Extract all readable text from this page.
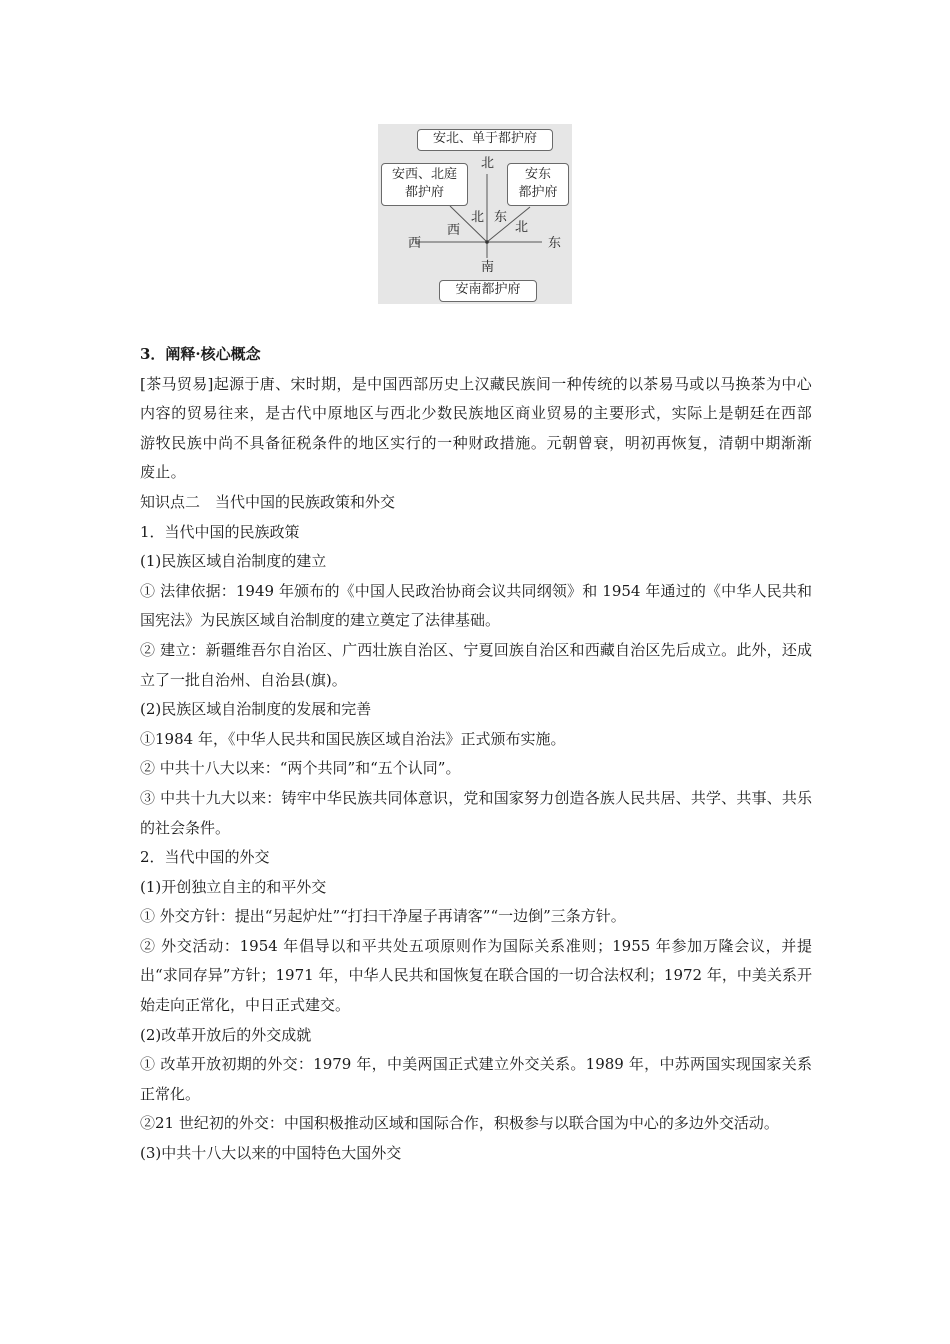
安北、单于都护府
安西、北庭
都护府
安东
都护府
安南都护府
北
南
西	东
北
西
东
北

3．阐释·核心概念

[茶马贸易]起源于唐、宋时期，是中国西部历史上汉藏民族间一种传统的以茶易马或以马换茶为中心内容的贸易往来，是古代中原地区与西北少数民族地区商业贸易的主要形式，实际上是朝廷在西部游牧民族中尚不具备征税条件的地区实行的一种财政措施。元朝曾衰，明初再恢复，清朝中期渐渐废止。

知识点二　当代中国的民族政策和外交

1．当代中国的民族政策

(1)民族区域自治制度的建立

① 法律依据：1949 年颁布的《中国人民政治协商会议共同纲领》和 1954 年通过的《中华人民共和国宪法》为民族区域自治制度的建立奠定了法律基础。

② 建立：新疆维吾尔自治区、广西壮族自治区、宁夏回族自治区和西藏自治区先后成立。此外，还成立了一批自治州、自治县(旗)。

(2)民族区域自治制度的发展和完善

①1984 年，《中华人民共和国民族区域自治法》正式颁布实施。

② 中共十八大以来：“两个共同”和“五个认同”。

③ 中共十九大以来：铸牢中华民族共同体意识，党和国家努力创造各族人民共居、共学、共事、共乐的社会条件。

2．当代中国的外交

(1)开创独立自主的和平外交

① 外交方针：提出“另起炉灶”“打扫干净屋子再请客”“一边倒”三条方针。

② 外交活动：1954 年倡导以和平共处五项原则作为国际关系准则；1955 年参加万隆会议，并提出“求同存异”方针；1971 年，中华人民共和国恢复在联合国的一切合法权利；1972 年，中美关系开始走向正常化，中日正式建交。

(2)改革开放后的外交成就

① 改革开放初期的外交：1979 年，中美两国正式建立外交关系。1989 年，中苏两国实现国家关系正常化。

②21 世纪初的外交：中国积极推动区域和国际合作，积极参与以联合国为中心的多边外交活动。

(3)中共十八大以来的中国特色大国外交
